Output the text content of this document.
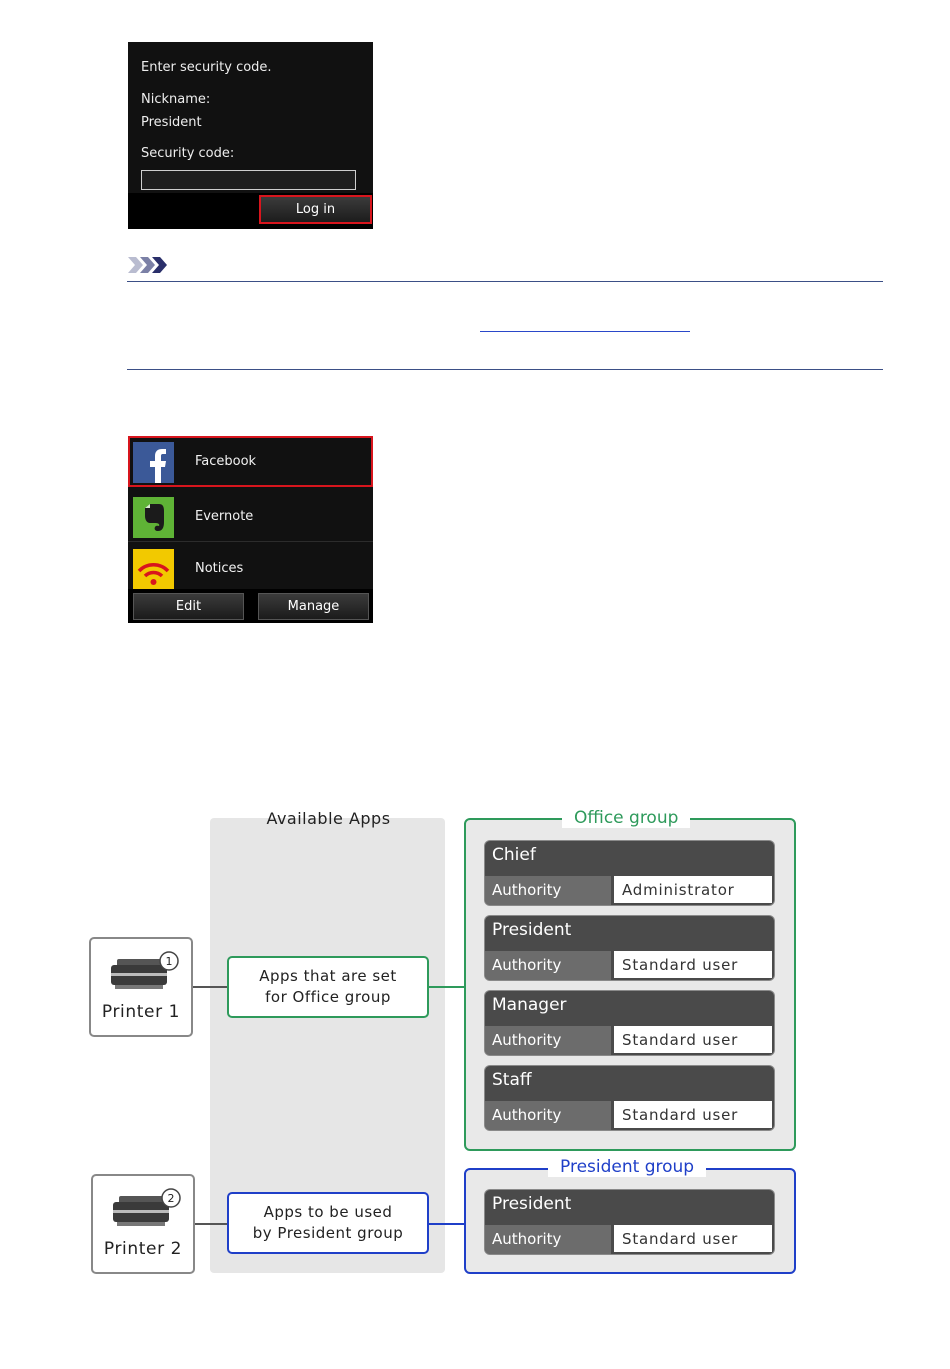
Enter security code.
Nickname:
President
Security code:
Log in
Facebook
Evernote
Notices
Edit	Manage
Available Apps	Office group
Chief
Authority	Administrator
President
Authority	Standard user
Manager
Authority	Standard user
Staff
Authority	Standard user
President group
President
Authority	Standard user
Apps that are set
for Office group
Apps to be used
by President group
1
Printer 1
2
Printer 2
